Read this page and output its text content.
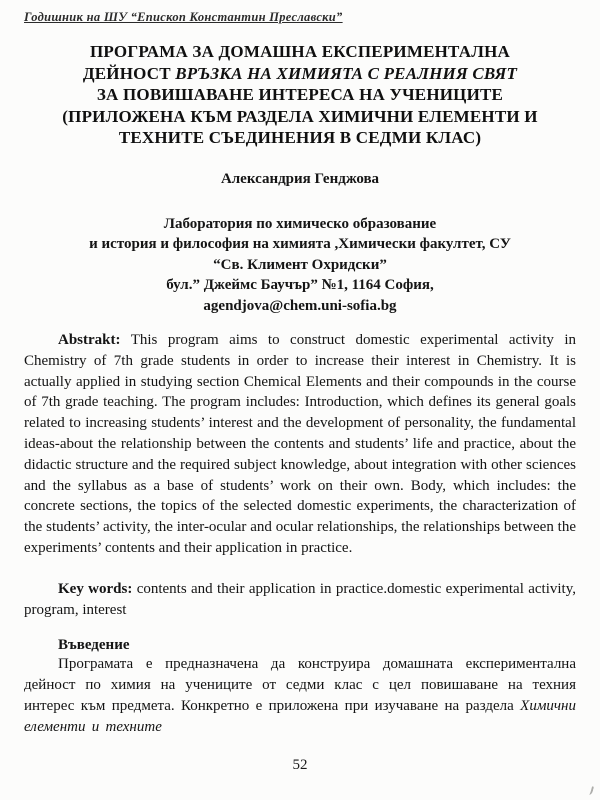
Годишник на ШУ “Епископ Константин Преславски”
ПРОГРАМА ЗА ДОМАШНА ЕКСПЕРИМЕНТАЛНА
ДЕЙНОСТ ВРЪЗКА НА ХИМИЯТА С РЕАЛНИЯ СВЯТ
ЗА ПОВИШАВАНЕ ИНТЕРЕСА НА УЧЕНИЦИТЕ
(ПРИЛОЖЕНА КЪМ РАЗДЕЛА ХИМИЧНИ ЕЛЕМЕНТИ И
ТЕХНИТЕ СЪЕДИНЕНИЯ В СЕДМИ КЛАС)
Александрия Генджова
Лаборатория по химическо образование
и история и философия на химията ,Химически факултет, СУ
“Св. Климент Охридски”
бул.” Джеймс Баучър” №1, 1164 София,
agendjova@chem.uni-sofia.bg

Abstrakt: This program aims to construct domestic experimental activity in Chemistry of 7th grade students in order to increase their interest in Chemistry. It is actually applied in studying section Chemical Elements and their compounds in the course of 7th grade teaching. The program includes: Introduction, which defines its general goals related to increasing students’ interest and the development of personality, the fundamental ideas-about the relationship between the contents and students’ life and practice, about the didactic structure and the required subject knowledge, about integration with other sciences and the syllabus as a base of students’ work on their own. Body, which includes: the concrete sections, the topics of the selected domestic experiments, the characterization of the students’ activity, the inter-ocular and ocular relationships, the relationships between the experiments’ contents and their application in practice.

Key words: contents and their application in practice.domestic experimental activity, program, interest

Въведение

Програмата е предназначена да конструира домашната експериментална дейност по химия на учениците от седми клас с цел повишаване на техния интерес към предмета. Конкретно е приложена при изучаване на раздела Химични елементи и техните

52
